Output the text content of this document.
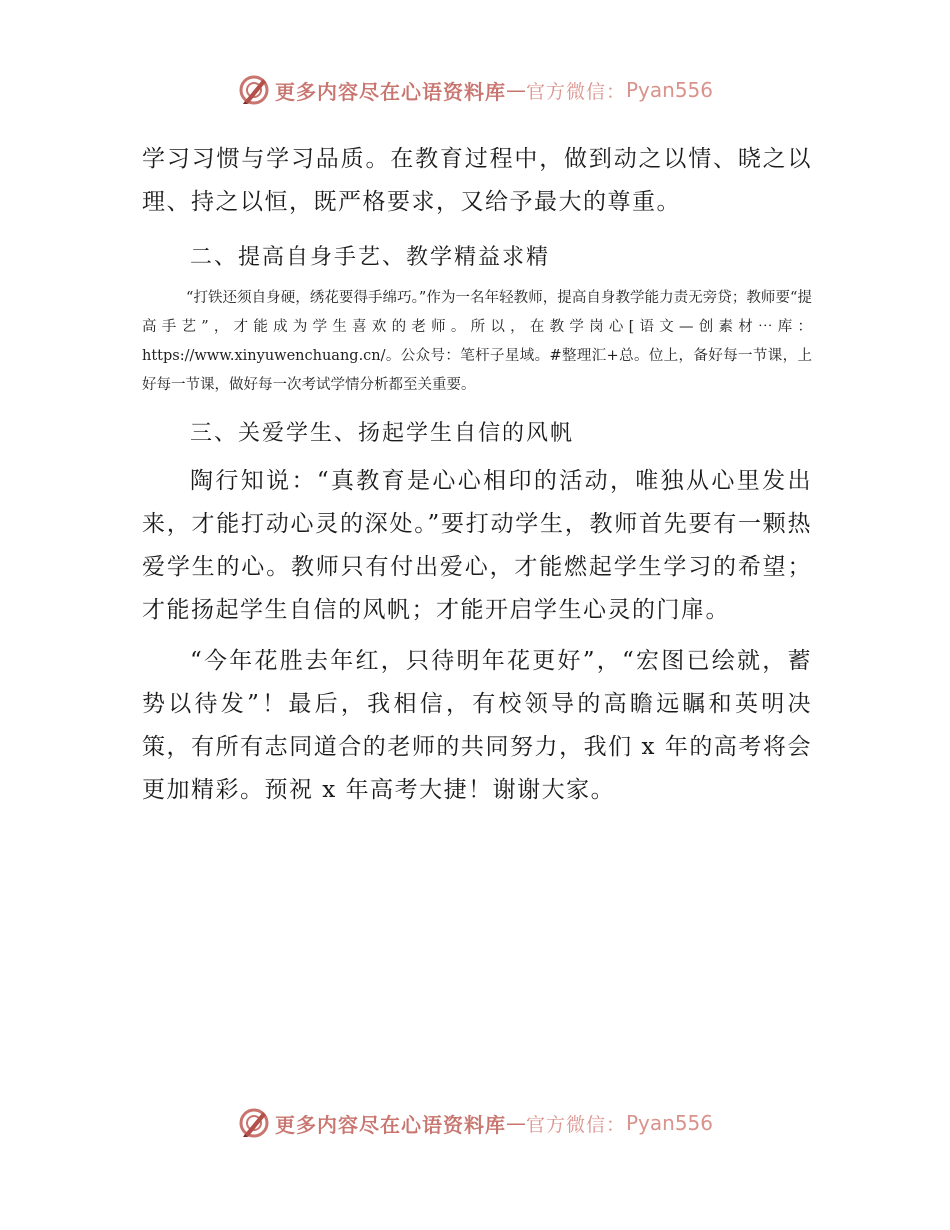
更多内容尽在心语资料库 — 官方微信： Pyan556

学习习惯与学习品质。在教育过程中，做到动之以情、晓之以理、持之以恒，既严格要求，又给予最大的尊重。

二、提高自身手艺、教学精益求精

“打铁还须自身硬，绣花要得手绵巧。”作为一名年轻教师，提高自身教学能力责无旁贷；教师要“提高手艺”，才能成为学生喜欢的老师。所以，在教学岗心[语文—创素材⋯库：https://www.xinyuwenchuang.cn/。公众号：笔杆子星域。#整理汇+总。位上，备好每一节课，上好每一节课，做好每一次考试学情分析都至关重要。

三、关爱学生、扬起学生自信的风帆

陶行知说：“真教育是心心相印的活动，唯独从心里发出来，才能打动心灵的深处。”要打动学生，教师首先要有一颗热爱学生的心。教师只有付出爱心，才能燃起学生学习的希望；才能扬起学生自信的风帆；才能开启学生心灵的门扉。

“今年花胜去年红，只待明年花更好”，“宏图已绘就，蓄势以待发”！最后，我相信，有校领导的高瞻远瞩和英明决策，有所有志同道合的老师的共同努力，我们 x 年的高考将会更加精彩。预祝 x 年高考大捷！谢谢大家。

更多内容尽在心语资料库 — 官方微信： Pyan556
